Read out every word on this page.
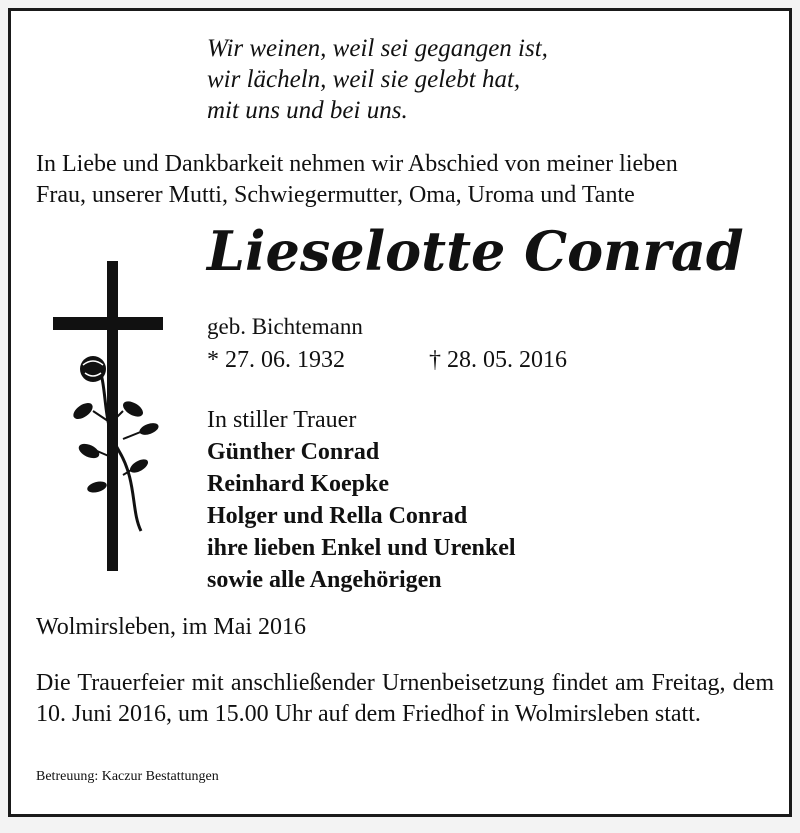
Wir weinen, weil sei gegangen ist,
wir lächeln, weil sie gelebt hat,
mit uns und bei uns.
In Liebe und Dankbarkeit nehmen wir Abschied von meiner lieben
Frau, unserer Mutti, Schwiegermutter, Oma, Uroma und Tante
Lieselotte Conrad
geb. Bichtemann
* 27. 06. 1932	† 28. 05. 2016
In stiller Trauer
Günther Conrad
Reinhard Koepke
Holger und Rella Conrad
ihre lieben Enkel und Urenkel
sowie alle Angehörigen
Wolmirsleben, im Mai 2016
Die Trauerfeier mit anschließender Urnenbeisetzung findet am Freitag, dem 10. Juni 2016, um 15.00 Uhr auf dem Friedhof in Wolmirsleben statt.
Betreuung: Kaczur Bestattungen
